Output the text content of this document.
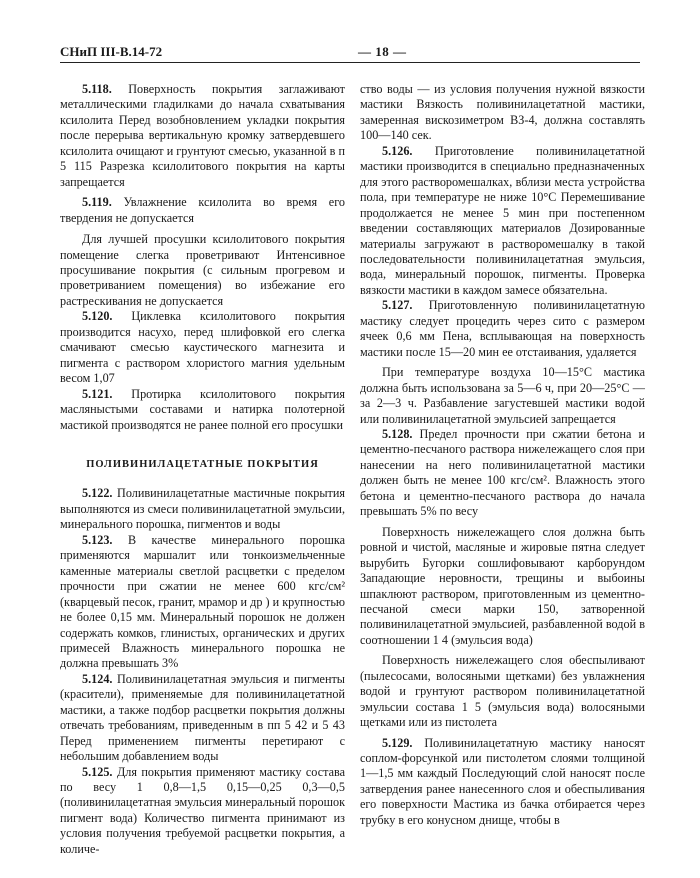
СНиП III-В.14-72	— 18 —

5.118. Поверхность покрытия заглаживают металлическими гладилками до начала схватывания ксилолита Перед возобновлением укладки покрытия после перерыва вертикальную кромку затвердевшего ксилолита очищают и грунтуют смесью, указанной в п 5 115 Разрезка ксилолитового покрытия на карты запрещается

5.119. Увлажнение ксилолита во время его твердения не допускается

Для лучшей просушки ксилолитового покрытия помещение слегка проветривают Интенсивное просушивание покрытия (с сильным прогревом и проветриванием помещения) во избежание его растрескивания не допускается

5.120. Циклевка ксилолитового покрытия производится насухо, перед шлифовкой его слегка смачивают смесью каустического магнезита и пигмента с раствором хлористого магния удельным весом 1,07

5.121. Протирка ксилолитового покрытия масляныстыми составами и натирка полотерной мастикой производятся не ранее полной его просушки

ПОЛИВИНИЛАЦЕТАТНЫЕ ПОКРЫТИЯ

5.122. Поливинилацетатные мастичные покрытия выполняются из смеси поливинилацетатной эмульсии, минерального порошка, пигментов и воды

5.123. В качестве минерального порошка применяются маршалит или тонкоизмельченные каменные материалы светлой расцветки с пределом прочности при сжатии не менее 600 кгс/см² (кварцевый песок, гранит, мрамор и др ) и крупностью не более 0,15 мм. Минеральный порошок не должен содержать комков, глинистых, органических и других примесей Влажность минерального порошка не должна превышать 3%

5.124. Поливинилацетатная эмульсия и пигменты (красители), применяемые для поливинилацетатной мастики, а также подбор расцветки покрытия должны отвечать требованиям, приведенным в пп 5 42 и 5 43 Перед применением пигменты перетирают с небольшим добавлением воды

5.125. Для покрытия применяют мастику состава по весу 1 0,8—1,5 0,15—0,25 0,3—0,5 (поливинилацетатная эмульсия минеральный порошок пигмент вода) Количество пигмента принимают из условия получения требуемой расцветки покрытия, а количе-

ство воды — из условия получения нужной вязкости мастики Вязкость поливинилацетатной мастики, замеренная вискозиметром ВЗ-4, должна составлять 100—140 сек.

5.126. Приготовление поливинилацетатной мастики производится в специально предназначенных для этого растворомешалках, вблизи места устройства пола, при температуре не ниже 10°С Перемешивание продолжается не менее 5 мин при постепенном введении составляющих материалов Дозированные материалы загружают в растворомешалку в такой последовательности поливинилацетатная эмульсия, вода, минеральный порошок, пигменты. Проверка вязкости мастики в каждом замесе обязательна.

5.127. Приготовленную поливинилацетатную мастику следует процедить через сито с размером ячеек 0,6 мм Пена, всплывающая на поверхность мастики после 15—20 мин ее отстаивания, удаляется

При температуре воздуха 10—15°С мастика должна быть использована за 5—6 ч, при 20—25°С — за 2—3 ч. Разбавление загустевшей мастики водой или поливинилацетатной эмульсией запрещается

5.128. Предел прочности при сжатии бетона и цементно-песчаного раствора нижележащего слоя при нанесении на него поливинилацетатной мастики должен быть не менее 100 кгс/см². Влажность этого бетона и цементно-песчаного раствора до начала превышать 5% по весу

Поверхность нижележащего слоя должна быть ровной и чистой, масляные и жировые пятна следует вырубить Бугорки сошлифовывают карборундом Западающие неровности, трещины и выбоины шпаклюют раствором, приготовленным из цементно-песчаной смеси марки 150, затворенной поливинилацетатной эмульсией, разбавленной водой в соотношении 1 4 (эмульсия вода)

Поверхность нижележащего слоя обеспыливают (пылесосами, волосяными щетками) без увлажнения водой и грунтуют раствором поливинилацетатной эмульсии состава 1 5 (эмульсия вода) волосяными щетками или из пистолета

5.129. Поливинилацетатную мастику наносят соплом-форсункой или пистолетом слоями толщиной 1—1,5 мм каждый Последующий слой наносят после затвердения ранее нанесенного слоя и обеспыливания его поверхности Мастика из бачка отбирается через трубку в его конусном днище, чтобы в
